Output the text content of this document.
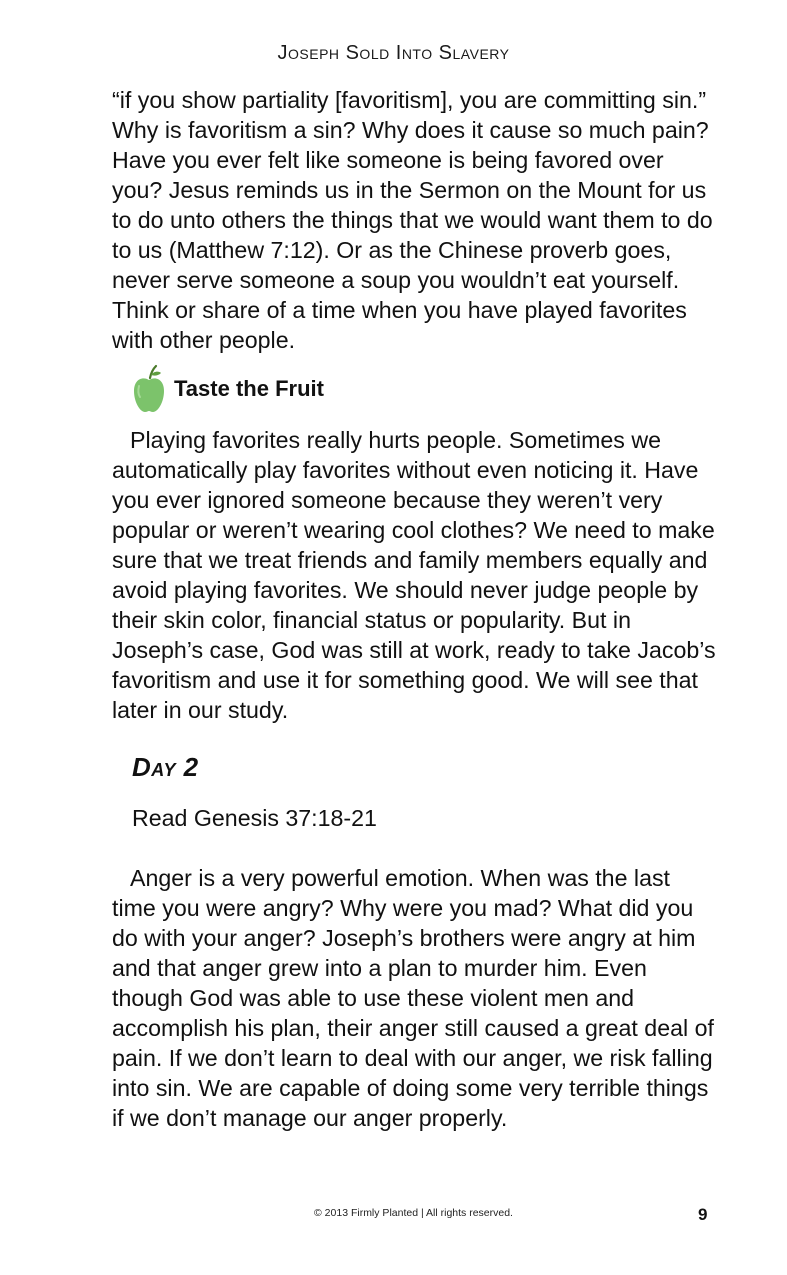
Joseph Sold Into Slavery

“if you show partiality [favoritism], you are committing sin.” Why is favoritism a sin? Why does it cause so much pain? Have you ever felt like someone is being favored over you? Jesus reminds us in the Sermon on the Mount for us to do unto others the things that we would want them to do to us (Matthew 7:12). Or as the Chinese proverb goes, never serve someone a soup you wouldn’t eat yourself. Think or share of a time when you have played favorites with other people.

Taste the Fruit

Playing favorites really hurts people. Sometimes we automatically play favorites without even noticing it. Have you ever ignored someone because they weren’t very popular or weren’t wearing cool clothes? We need to make sure that we treat friends and family members equally and avoid playing favorites. We should never judge people by their skin color, financial status or popularity. But in Joseph’s case, God was still at work, ready to take Jacob’s favoritism and use it for something good. We will see that later in our study.

Day 2
Read Genesis 37:18-21

Anger is a very powerful emotion. When was the last time you were angry? Why were you mad? What did you do with your anger? Joseph’s brothers were angry at him and that anger grew into a plan to murder him. Even though God was able to use these violent men and accomplish his plan, their anger still caused a great deal of pain. If we don’t learn to deal with our anger, we risk falling into sin. We are capable of doing some very terrible things if we don’t manage our anger properly.

© 2013 Firmly Planted | All rights reserved.	9
